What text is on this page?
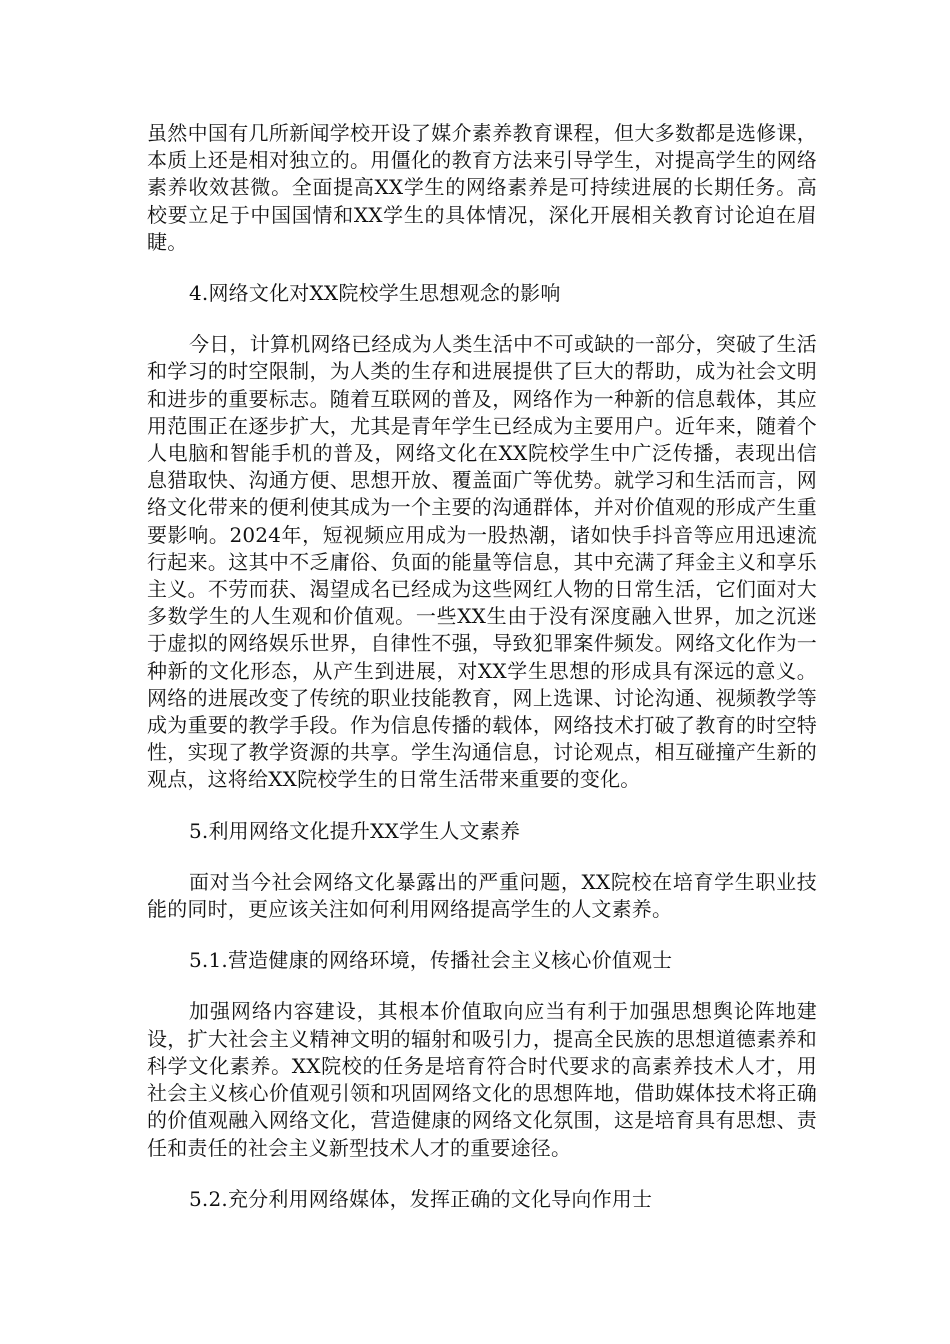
虽然中国有几所新闻学校开设了媒介素养教育课程，但大多数都是选修课，本质上还是相对独立的。用僵化的教育方法来引导学生，对提高学生的网络素养收效甚微。全面提高XX学生的网络素养是可持续进展的长期任务。高校要立足于中国国情和XX学生的具体情况，深化开展相关教育讨论迫在眉睫。

4.网络文化对XX院校学生思想观念的影响

今日，计算机网络已经成为人类生活中不可或缺的一部分，突破了生活和学习的时空限制，为人类的生存和进展提供了巨大的帮助，成为社会文明和进步的重要标志。随着互联网的普及，网络作为一种新的信息载体，其应用范围正在逐步扩大，尤其是青年学生已经成为主要用户。近年来，随着个人电脑和智能手机的普及，网络文化在XX院校学生中广泛传播，表现出信息猎取快、沟通方便、思想开放、覆盖面广等优势。就学习和生活而言，网络文化带来的便利使其成为一个主要的沟通群体，并对价值观的形成产生重要影响。2024年，短视频应用成为一股热潮，诸如快手抖音等应用迅速流行起来。这其中不乏庸俗、负面的能量等信息，其中充满了拜金主义和享乐主义。不劳而获、渴望成名已经成为这些网红人物的日常生活，它们面对大多数学生的人生观和价值观。一些XX生由于没有深度融入世界，加之沉迷于虚拟的网络娱乐世界，自律性不强，导致犯罪案件频发。网络文化作为一种新的文化形态，从产生到进展，对XX学生思想的形成具有深远的意义。网络的进展改变了传统的职业技能教育，网上选课、讨论沟通、视频教学等成为重要的教学手段。作为信息传播的载体，网络技术打破了教育的时空特性，实现了教学资源的共享。学生沟通信息，讨论观点，相互碰撞产生新的观点，这将给XX院校学生的日常生活带来重要的变化。

5.利用网络文化提升XX学生人文素养

面对当今社会网络文化暴露出的严重问题，XX院校在培育学生职业技能的同时，更应该关注如何利用网络提高学生的人文素养。

5.1.营造健康的网络环境，传播社会主义核心价值观士

加强网络内容建设，其根本价值取向应当有利于加强思想舆论阵地建设，扩大社会主义精神文明的辐射和吸引力，提高全民族的思想道德素养和科学文化素养。XX院校的任务是培育符合时代要求的高素养技术人才，用社会主义核心价值观引领和巩固网络文化的思想阵地，借助媒体技术将正确的价值观融入网络文化，营造健康的网络文化氛围，这是培育具有思想、责任和责任的社会主义新型技术人才的重要途径。

5.2.充分利用网络媒体，发挥正确的文化导向作用士
